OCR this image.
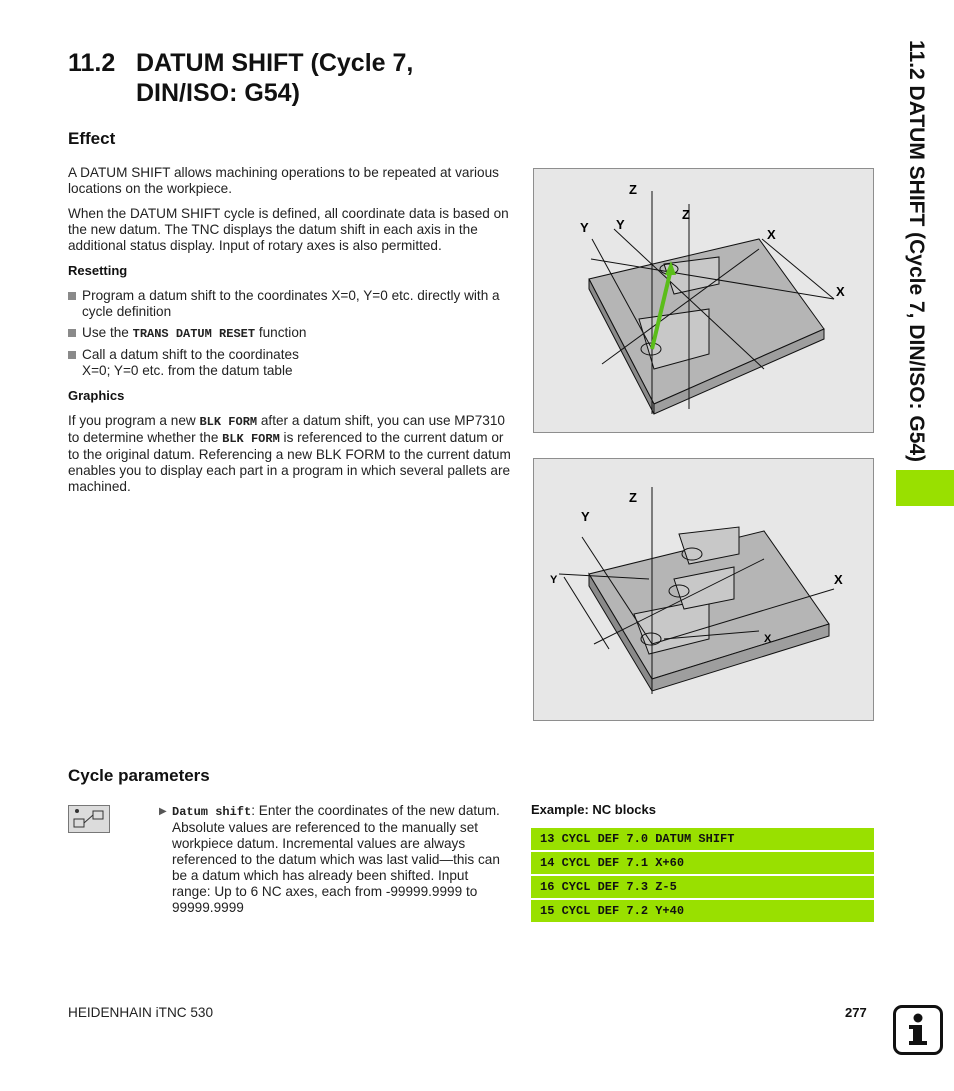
11.2 DATUM SHIFT (Cycle 7,
DIN/ISO: G54)
Effect

A DATUM SHIFT allows machining operations to be repeated at various locations on the workpiece.

When the DATUM SHIFT cycle is defined, all coordinate data is based on the new datum. The TNC displays the datum shift in each axis in the additional status display. Input of rotary axes is also permitted.

Resetting

Program a datum shift to the coordinates X=0, Y=0 etc. directly with a cycle definition
Use the TRANS DATUM RESET function
Call a datum shift to the coordinates X=0; Y=0 etc. from the datum table

Graphics

If you program a new BLK FORM after a datum shift, you can use MP7310 to determine whether the BLK FORM is referenced to the current datum or to the original datum. Referencing a new BLK FORM to the current datum enables you to display each part in a program in which several pallets are machined.

Z
Y Y
Z
X
X
Z
Y
X
Y
X
Cycle parameters
▶ Datum shift: Enter the coordinates of the new datum. Absolute values are referenced to the manually set workpiece datum. Incremental values are always referenced to the datum which was last valid—this can be a datum which has already been shifted. Input range: Up to 6 NC axes, each from -99999.9999 to 99999.9999
Example: NC blocks
13 CYCL DEF 7.0 DATUM SHIFT
14 CYCL DEF 7.1 X+60
16 CYCL DEF 7.3 Z-5
15 CYCL DEF 7.2 Y+40
11.2 DATUM SHIFT (Cycle 7, DIN/ISO: G54)
HEIDENHAIN iTNC 530	277
